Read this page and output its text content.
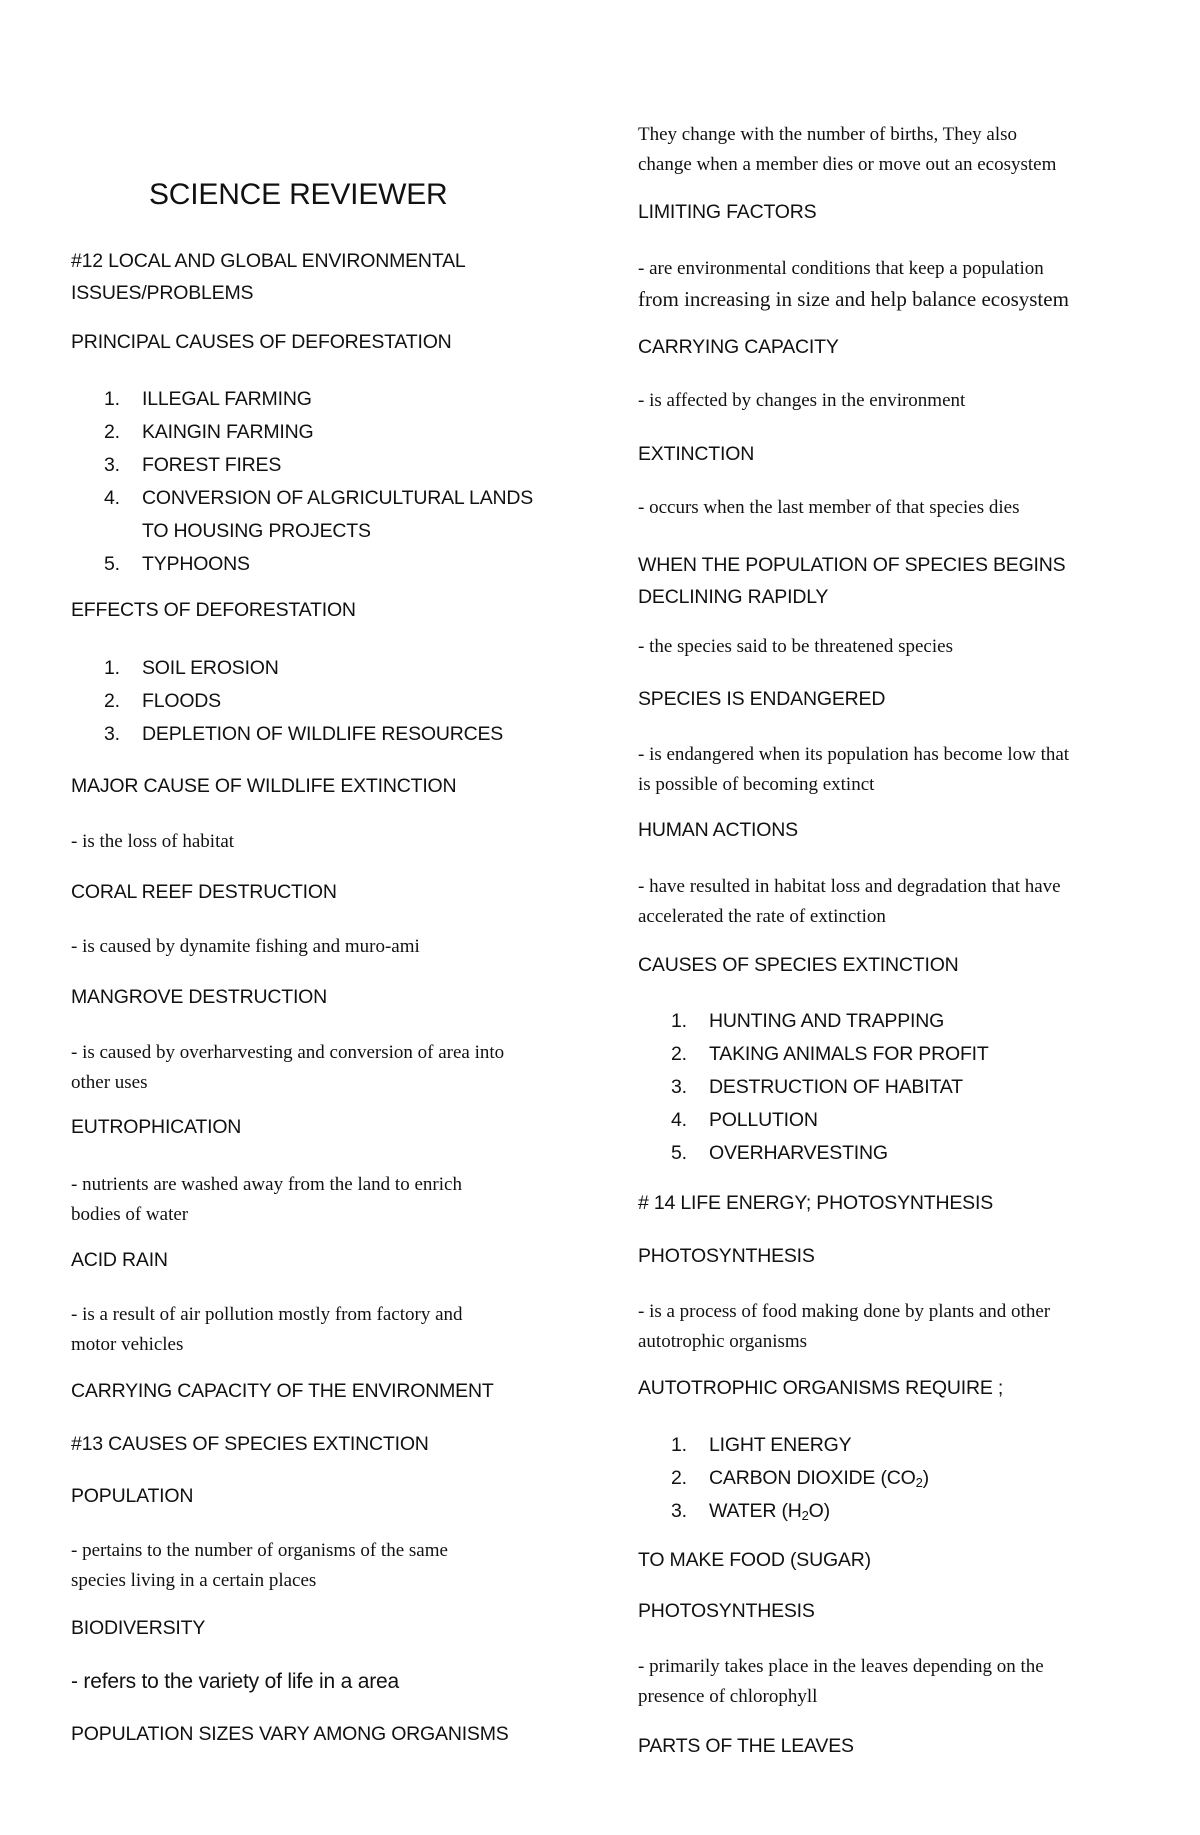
SCIENCE REVIEWER
#12 LOCAL AND GLOBAL ENVIRONMENTAL
ISSUES/PROBLEMS
PRINCIPAL CAUSES OF DEFORESTATION
1. ILLEGAL FARMING
2. KAINGIN FARMING
3. FOREST FIRES
4. CONVERSION OF ALGRICULTURAL LANDS
TO HOUSING PROJECTS
5. TYPHOONS
EFFECTS OF DEFORESTATION
1. SOIL EROSION
2. FLOODS
3. DEPLETION OF WILDLIFE RESOURCES
MAJOR CAUSE OF WILDLIFE EXTINCTION
- is the loss of habitat
CORAL REEF DESTRUCTION
- is caused by dynamite fishing and muro-ami
MANGROVE DESTRUCTION
- is caused by overharvesting and conversion of area into
other uses
EUTROPHICATION
- nutrients are washed away from the land to enrich
bodies of water
ACID RAIN
- is a result of air pollution mostly from factory and
motor vehicles
CARRYING CAPACITY OF THE ENVIRONMENT
#13 CAUSES OF SPECIES EXTINCTION
POPULATION
- pertains to the number of organisms of the same
species living in a certain places
BIODIVERSITY
- refers to the variety of life in a area
POPULATION SIZES VARY AMONG ORGANISMS
They change with the number of births, They also
change when a member dies or move out an ecosystem
LIMITING FACTORS
- are environmental conditions that keep a population
from increasing in size and help balance ecosystem
CARRYING CAPACITY
- is affected by changes in the environment
EXTINCTION
- occurs when the last member of that species dies
WHEN THE POPULATION OF SPECIES BEGINS
DECLINING RAPIDLY
- the species said to be threatened species
SPECIES IS ENDANGERED
- is endangered when its population has become low that
is possible of becoming extinct
HUMAN ACTIONS
- have resulted in habitat loss and degradation that have
accelerated the rate of extinction
CAUSES OF SPECIES EXTINCTION
1. HUNTING AND TRAPPING
2. TAKING ANIMALS FOR PROFIT
3. DESTRUCTION OF HABITAT
4. POLLUTION
5. OVERHARVESTING
# 14 LIFE ENERGY; PHOTOSYNTHESIS
PHOTOSYNTHESIS
- is a process of food making done by plants and other
autotrophic organisms
AUTOTROPHIC ORGANISMS REQUIRE ;
1. LIGHT ENERGY
2. CARBON DIOXIDE $(CO_2)$
3. WATER $(H_2O)$
TO MAKE FOOD (SUGAR)
PHOTOSYNTHESIS
- primarily takes place in the leaves depending on the
presence of chlorophyll
PARTS OF THE LEAVES
